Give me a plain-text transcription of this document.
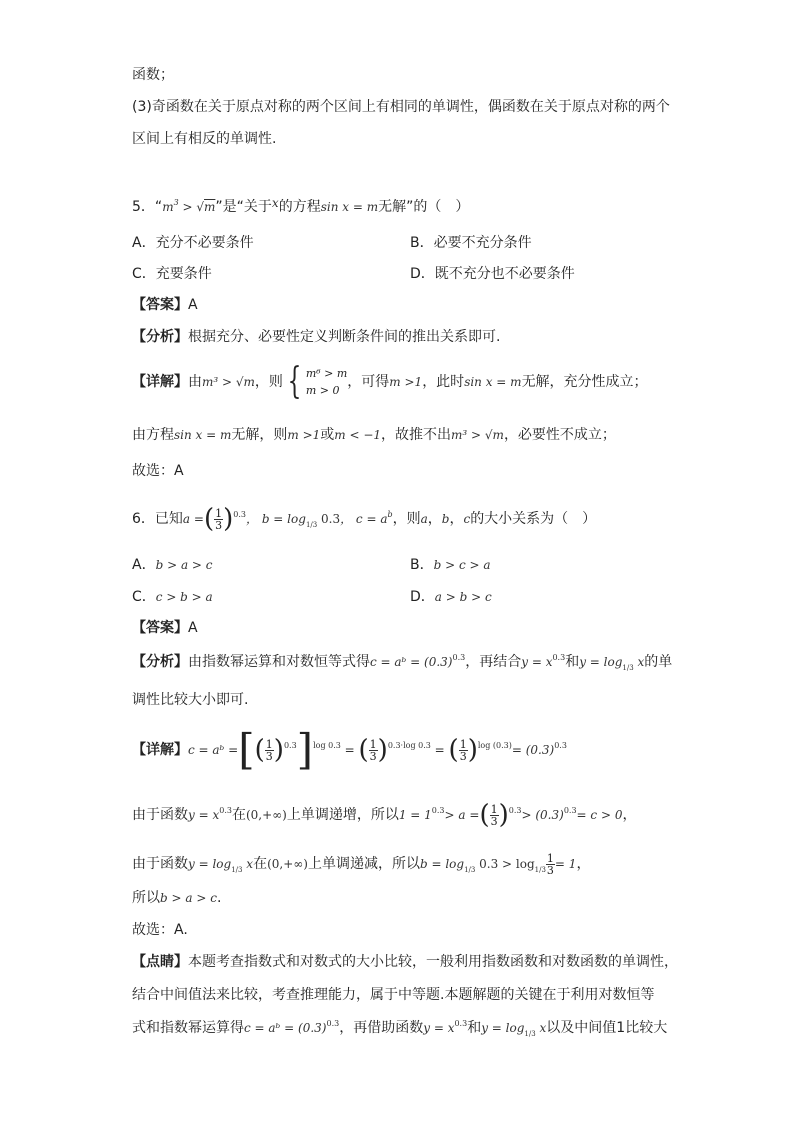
函数；
(3)奇函数在关于原点对称的两个区间上有相同的单调性，偶函数在关于原点对称的两个
区间上有相反的单调性.
5．“$m^3 > √m$”是“关于x的方程sin x = m无解”的（　）
A．充分不必要条件	B．必要不充分条件
C．充要条件	D．既不充分也不必要条件
【答案】A
【分析】根据充分、必要性定义判断条件间的推出关系即可.
【详解】由m³ > √m，则 { m⁶ > m
m > 0
，可得m >1，此时sin x = m无解，充分性成立；
由方程sin x = m无解，则m >1或m < −1，故推不出m³ > √m，必要性不成立；
故选：A
6．已知a =( $\frac{1}{3} )^{0.3}$， $b = \log_{1/3} 0.3$， $c = a^b$，则a，b，c的大小关系为（　）
A．b > a > c	B．b > c > a
C．c > b > a	D．a > b > c
【答案】A
【分析】由指数幂运算和对数恒等式得c = aᵇ = $(0.3)^{0.3}$，再结合$y = x^{0.3}$和$y = \log_{1/3} x$的单
调性比较大小即可.
【详解】c = aᵇ =[( $\frac{1}{3} )^{0.3}]^{log 0.3}$ = ( $\frac{1}{3} )^{0.3\cdot log 0.3}$ = ( $\frac{1}{3} )^{log (0.3)}= (0.3)^{0.3}$
由于函数$y = x^{0.3}$在(0,+∞)上单调递增，所以$1 = 1^{0.3}> a$ =( $\frac{1}{3} )^{0.3}> (0.3)^{0.3}= c > 0$，
由于函数$y = \log_{1/3} x$在(0,+∞)上单调递减，所以$b = \log_{1/3} 0.3 > \log_{1/3} \frac{1}{3} = 1$，
所以b > a > c.
故选：A.
【点睛】本题考查指数式和对数式的大小比较，一般利用指数函数和对数函数的单调性，
结合中间值法来比较，考查推理能力，属于中等题.本题解题的关键在于利用对数恒等
式和指数幂运算得c = aᵇ = $(0.3)^{0.3}$，再借助函数$y = x^{0.3}$和$y = \log_{1/3} x$以及中间值1比较大
